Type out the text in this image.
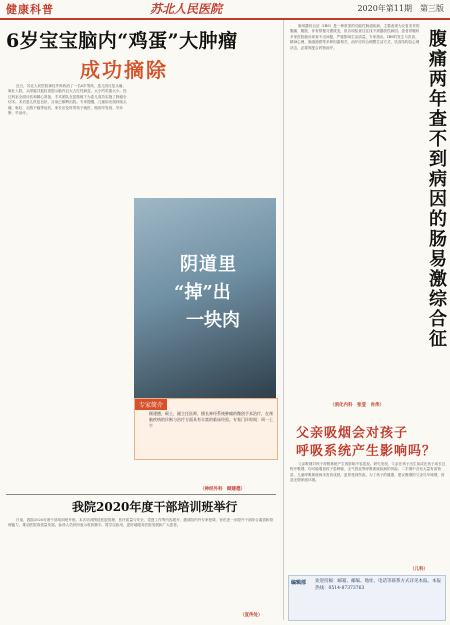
健康科普	苏北人民医院	2020年第11期　第三版
6岁宝宝脑内“鸡蛋”大肿瘤
成功摘除

近日，苏北人民医院神经外科收治了一名6岁男孩，患儿因反复头痛、呕吐入院，头颅磁共振检查提示脑内巨大占位性病变，大小约鸡蛋大小。经过科室全面评估和精心准备，手术团队在显微镜下为患儿成功实施了肿瘤全切术。术后患儿恢复良好，目前已顺利出院。专家提醒，儿童如出现持续头痛、呕吐、走路不稳等症状，家长应及时带孩子就医，做到早发现、早诊断、早治疗。

阴道里
“掉”出
一块肉
专家简介
顾建德，硕士，副主任医师，擅长神经系统肿瘤的微创手术治疗，在颅脑疾病的诊断与治疗方面具有丰富的临床经验。专家门诊时间：周一上午
（神经外科　顾建德）
我院2020年度干部培训班举行

日前，我院2020年度干部培训班开班。本次培训围绕医院管理、医疗质量与安全、党建工作等内容展开，邀请院内外专家授课，旨在进一步提升干部综合素质和管理能力，推动医院高质量发展。参训人员纷纷表示收获颇丰，将学以致用，更好地服务医院发展和广大患者。

（宣传处）
腹痛两年查不到病因的肠易激综合征

肠易激综合征（IBS）是一种常见的功能性肠道疾病，主要表现为反复发作的腹痛、腹胀，伴有排便习惯改变，但各项检查往往找不到器质性病因。患者常辗转多家医院就诊却查不出问题，严重影响生活质量。专家指出，IBS的发生与饮食、精神心理、肠道菌群等多种因素相关，治疗应综合调整生活方式、饮食结构及心理状态，必要时配合药物治疗。

（消化内科　张莹　肖伟）
父亲吸烟会对孩子
呼吸系统产生影响吗？

父亲吸烟对孩子呼吸系统产生的影响不容忽视。研究发现，父亲在孩子出生前或在孩子成长过程中吸烟，均可能增加孩子患哮喘、支气管炎等呼吸系统疾病的风险。二手烟中含有大量有害物质，儿童呼吸系统尚未发育成熟，更易受到伤害。为了孩子的健康，建议吸烟的父亲尽早戒烟，营造无烟家庭环境。

（儿科）
编辑部	欢迎投稿：邮箱、邮编、地址、电话等联系方式详见本报。本报热线：0514-87373763
